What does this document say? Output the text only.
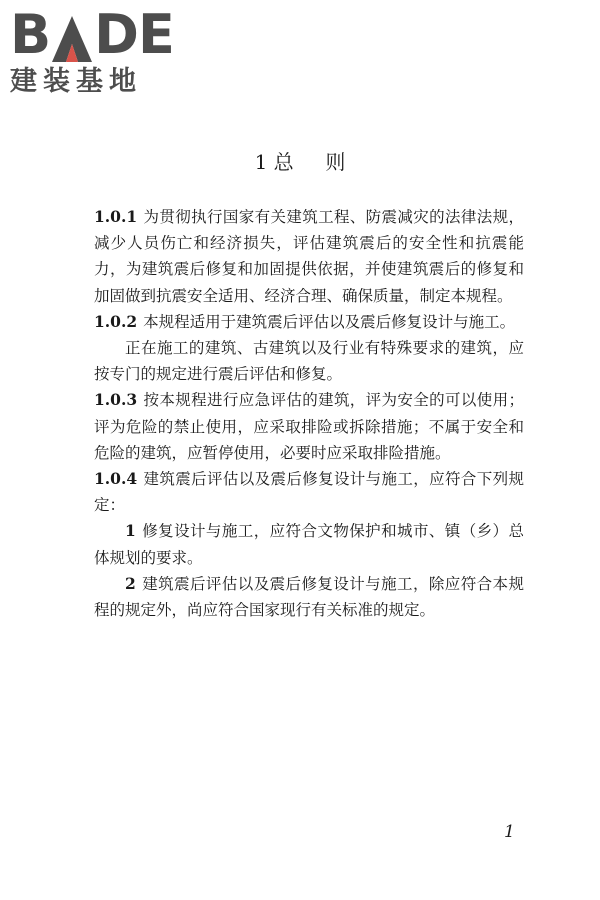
B DE
建装基地
1 总     则

1.0.1 为贯彻执行国家有关建筑工程、防震减灾的法律法规，减少人员伤亡和经济损失，评估建筑震后的安全性和抗震能力，为建筑震后修复和加固提供依据，并使建筑震后的修复和加固做到抗震安全适用、经济合理、确保质量，制定本规程。

1.0.2 本规程适用于建筑震后评估以及震后修复设计与施工。

正在施工的建筑、古建筑以及行业有特殊要求的建筑，应按专门的规定进行震后评估和修复。

1.0.3 按本规程进行应急评估的建筑，评为安全的可以使用；评为危险的禁止使用，应采取排险或拆除措施；不属于安全和危险的建筑，应暂停使用，必要时应采取排险措施。

1.0.4 建筑震后评估以及震后修复设计与施工，应符合下列规定：

1 修复设计与施工，应符合文物保护和城市、镇（乡）总体规划的要求。

2 建筑震后评估以及震后修复设计与施工，除应符合本规程的规定外，尚应符合国家现行有关标准的规定。

1
